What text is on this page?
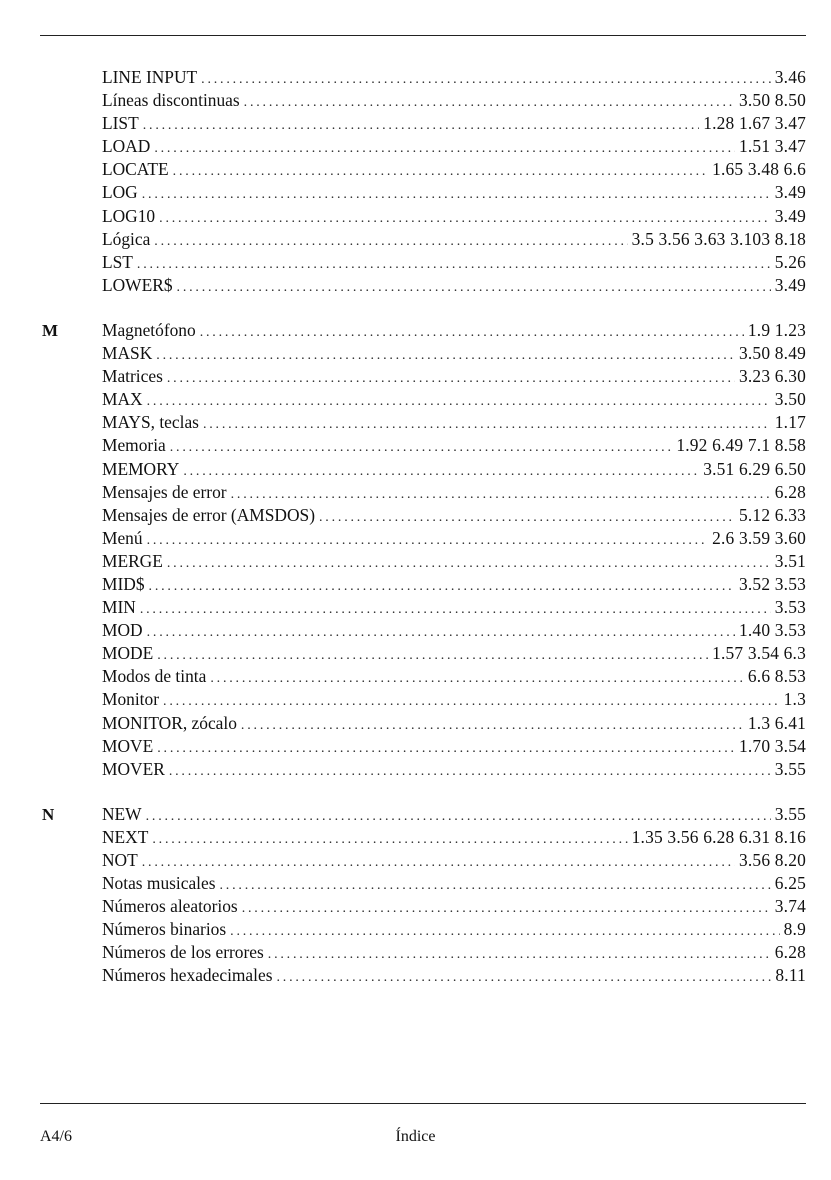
LINE INPUT .....	3.46
Líneas discontinuas .....	3.50 8.50
LIST .....	1.28 1.67 3.47
LOAD .....	1.51 3.47
LOCATE .....	1.65 3.48 6.6
LOG .....	3.49
LOG10 .....	3.49
Lógica .....	3.5 3.56 3.63 3.103 8.18
LST .....	5.26
LOWER$ .....	3.49
M	Magnetófono .....	1.9 1.23
MASK .....	3.50 8.49
Matrices .....	3.23 6.30
MAX .....	3.50
MAYS, teclas .....	1.17
Memoria .....	1.92 6.49 7.1 8.58
MEMORY .....	3.51 6.29 6.50
Mensajes de error .....	6.28
Mensajes de error (AMSDOS) .....	5.12 6.33
Menú .....	2.6 3.59 3.60
MERGE .....	3.51
MID$ .....	3.52 3.53
MIN .....	3.53
MOD .....	1.40 3.53
MODE .....	1.57 3.54 6.3
Modos de tinta .....	6.6 8.53
Monitor .....	1.3
MONITOR, zócalo .....	1.3 6.41
MOVE .....	1.70 3.54
MOVER .....	3.55
N	NEW .....	3.55
NEXT .....	1.35 3.56 6.28 6.31 8.16
NOT .....	3.56 8.20
Notas musicales .....	6.25
Números aleatorios .....	3.74
Números binarios .....	8.9
Números de los errores .....	6.28
Números hexadecimales .....	8.11
A4/6	Índice
